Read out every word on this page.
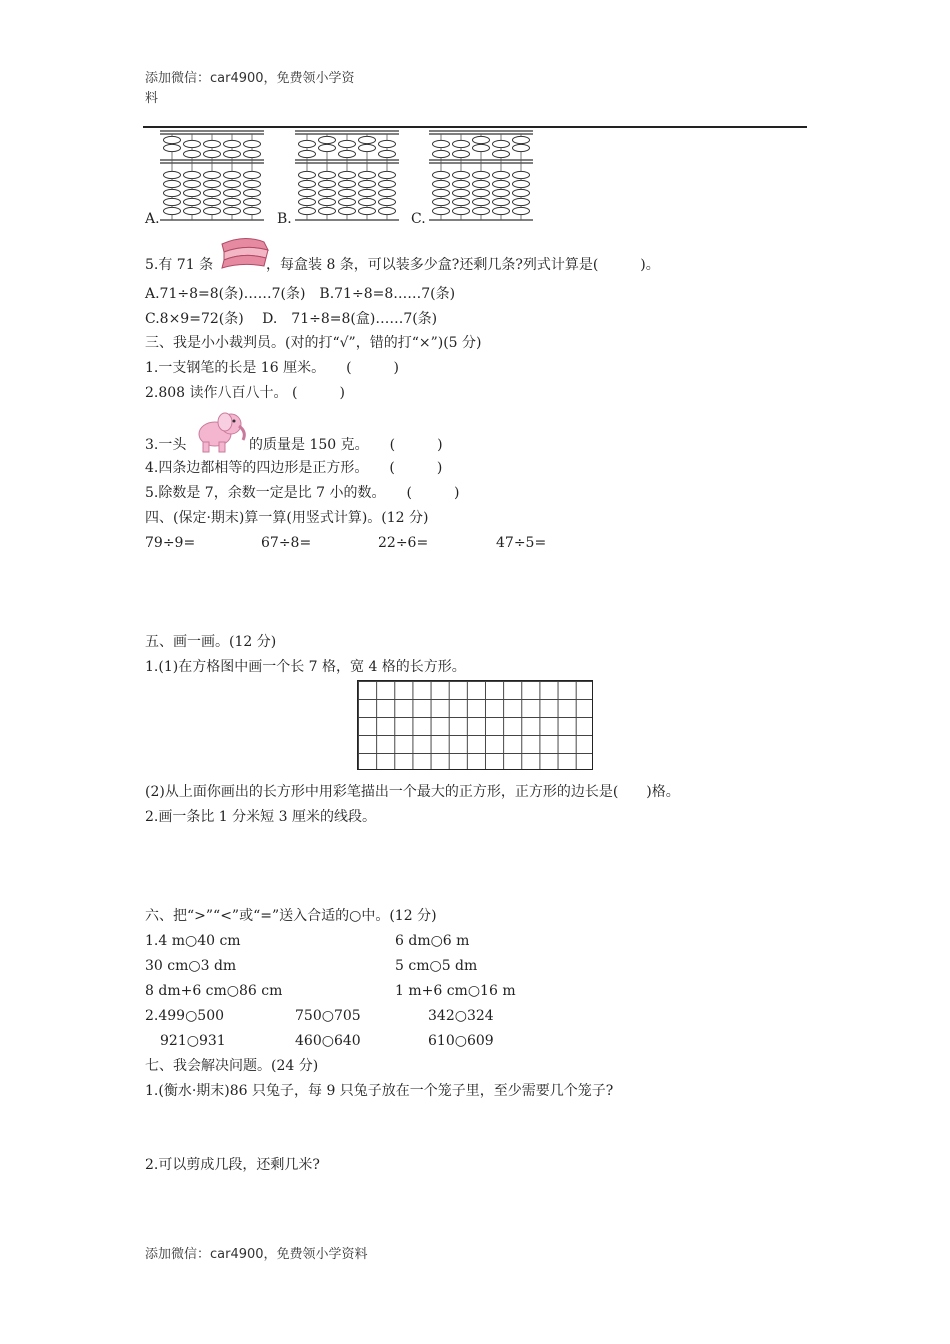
添加微信：car4900，免费领小学资
料
A.	B.	C.
5.有 71 条	，每盒装 8 条，可以装多少盒?还剩几条?列式计算是(　　　)。
A.71÷8=8(条)……7(条)　B.71÷8=8……7(条)
C.8×9=72(条)　 D.　71÷8=8(盒)……7(条)
三、我是小小裁判员。(对的打“√”，错的打“×”)(5 分)
1.一支钢笔的长是 16 厘米。　　(　　　)
2.808 读作八百八十。 (　　　)
3.一头	的质量是 150 克。　　(　　　)
4.四条边都相等的四边形是正方形。　　(　　　)
5.除数是 7，余数一定是比 7 小的数。　　(　　　)
四、(保定·期末)算一算(用竖式计算)。(12 分)
79÷9=	67÷8=	22÷6=	47÷5=
五、画一画。(12 分)
1.(1)在方格图中画一个长 7 格，宽 4 格的长方形。
(2)从上面你画出的长方形中用彩笔描出一个最大的正方形，正方形的边长是(　　)格。
2.画一条比 1 分米短 3 厘米的线段。
六、把“>”“<”或“=”送入合适的○中。(12 分)
1.4 m○40 cm	6 dm○6 m
30 cm○3 dm	5 cm○5 dm
8 dm+6 cm○86 cm	1 m+6 cm○16 m
2.499○500	750○705	342○324
921○931	460○640	610○609
七、我会解决问题。(24 分)
1.(衡水·期末)86 只兔子，每 9 只兔子放在一个笼子里，至少需要几个笼子?
2.可以剪成几段，还剩几米?
添加微信：car4900，免费领小学资料
